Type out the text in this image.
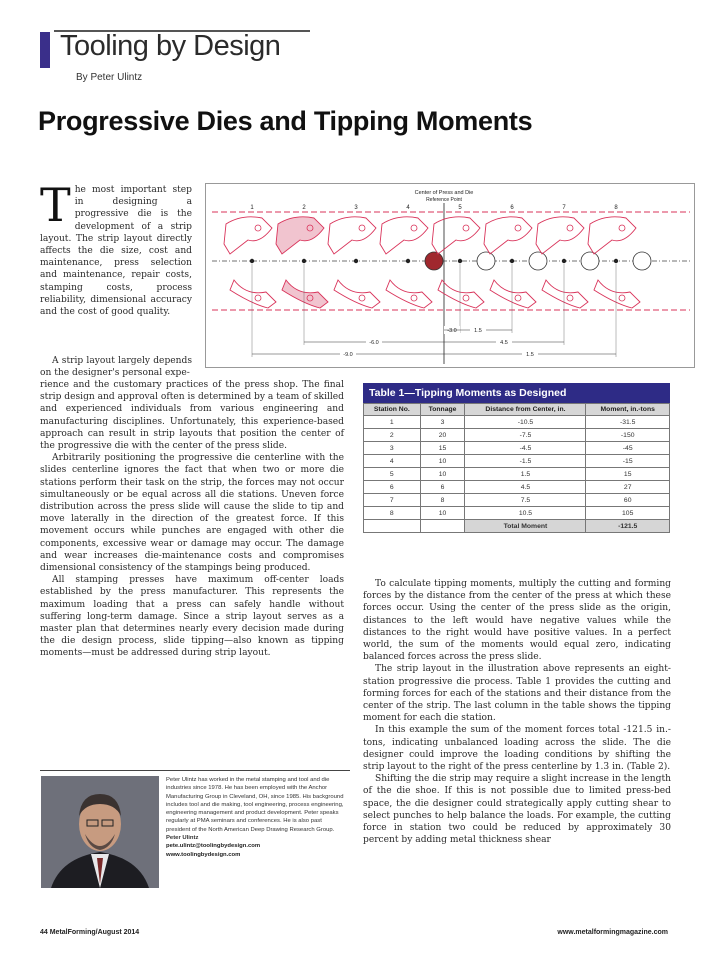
Tooling by Design
By Peter Ulintz
Progressive Dies and Tipping Moments
T he most important step in designing a progressive die is the development of a strip layout. The strip layout directly affects the die size, cost and maintenance, press selection and maintenance, repair costs, stamping costs, process reliability, dimensional accuracy and the cost of good quality.

A strip layout largely depends on the designer's personal expe-

rience and the customary practices of the press shop. The final strip design and approval often is determined by a team of skilled and experienced individuals from various engineering and manufacturing disciplines. Unfortunately, this experience-based approach can result in strip layouts that position the center of the progressive die with the center of the press slide.

Arbitrarily positioning the progressive die centerline with the slides centerline ignores the fact that when two or more die stations perform their task on the strip, the forces may not occur simultaneously or be equal across all die stations. Uneven force distribution across the press slide will cause the slide to tip and move laterally in the direction of the greatest force. If this movement occurs while punches are engaged with other die components, excessive wear or damage may occur. The damage and wear increases die-maintenance costs and compromises dimensional consistency of the stampings being produced.

All stamping presses have maximum off-center loads established by the press manufacturer. This represents the maximum loading that a press can safely handle without suffering long-term damage. Since a strip layout serves as a master plan that determines nearly every decision made during the die design process, slide tipping—also known as tipping moments—must be addressed during strip layout.

Center of Press and Die
Reference Point
1	2	3	4	5	6	7	8
-3.0	1.5
-6.0	4.5
-9.0	1.5
Table 1—Tipping Moments as Designed
Station No.	Tonnage	Distance from Center, in.	Moment, in.-tons
1	3	-10.5	-31.5
2	20	-7.5	-150
3	15	-4.5	-45
4	10	-1.5	-15
5	10	1.5	15
6	6	4.5	27
7	8	7.5	60
8	10	10.5	105
		Total Moment	-121.5

To calculate tipping moments, multiply the cutting and forming forces by the distance from the center of the press at which these forces occur. Using the center of the press slide as the origin, distances to the left would have negative values while the distances to the right would have positive values. In a perfect world, the sum of the moments would equal zero, indicating balanced forces across the press slide.

The strip layout in the illustration above represents an eight-station progressive die process. Table 1 provides the cutting and forming forces for each of the stations and their distance from the center of the strip. The last column in the table shows the tipping moment for each die station.

In this example the sum of the moment forces total -121.5 in.-tons, indicating unbalanced loading across the slide. The die designer could improve the loading conditions by shifting the strip layout to the right of the press centerline by 1.3 in. (Table 2).

Shifting the die strip may require a slight increase in the length of the die shoe. If this is not possible due to limited press-bed space, the die designer could strategically apply cutting shear to select punches to help balance the loads. For example, the cutting force in station two could be reduced by approximately 30 percent by adding metal thickness shear

Peter Ulintz has worked in the metal stamping and tool and die industries since 1978. He has been employed with the Anchor Manufacturing Group in Cleveland, OH, since 1985. His background includes tool and die making, tool engineering, process engineering, engineering management and product development. Peter speaks regularly at PMA seminars and conferences. He is also past president of the North American Deep Drawing Research Group.
Peter Ulintz
pete.ulintz@toolingbydesign.com
www.toolingbydesign.com
44 MetalForming/August 2014	www.metalformingmagazine.com
